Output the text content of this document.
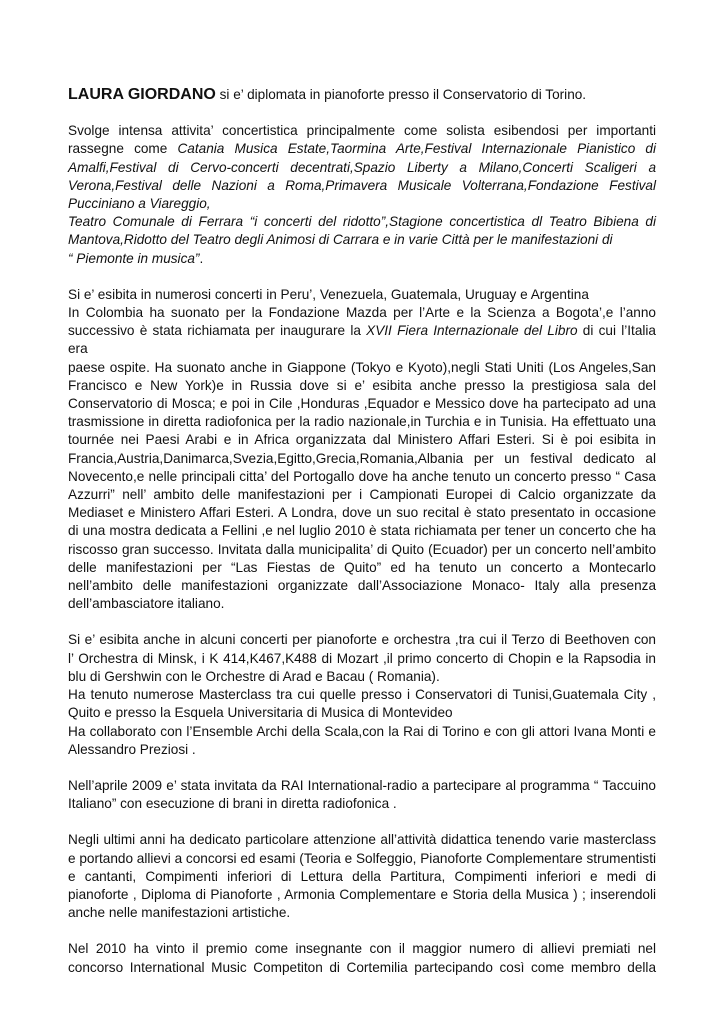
LAURA GIORDANO si e’ diplomata in pianoforte presso il Conservatorio di Torino.

Svolge intensa attivita’ concertistica principalmente come solista esibendosi per importanti
rassegne come Catania Musica Estate,Taormina Arte,Festival Internazionale Pianistico di
Amalfi,Festival di Cervo-concerti decentrati,Spazio Liberty a Milano,Concerti Scaligeri a
Verona,Festival delle Nazioni a Roma,Primavera Musicale Volterrana,Fondazione Festival
Pucciniano a Viareggio,
Teatro Comunale di Ferrara “i concerti del ridotto”,Stagione concertistica dl Teatro Bibiena di
Mantova,Ridotto del Teatro degli Animosi di Carrara e in varie Città per le manifestazioni di
“ Piemonte in musica”.

Si e’ esibita in numerosi concerti in Peru’, Venezuela, Guatemala, Uruguay e Argentina
In Colombia ha suonato per la Fondazione Mazda per l’Arte e la Scienza a Bogota’,e l’anno
successivo è stata richiamata per inaugurare la XVII Fiera Internazionale del Libro di cui l’Italia era
paese ospite. Ha suonato anche in Giappone (Tokyo e Kyoto),negli Stati Uniti (Los Angeles,San
Francisco e New York)e in Russia dove si e’ esibita anche presso la prestigiosa sala del
Conservatorio di Mosca; e poi in Cile ,Honduras ,Equador e Messico dove ha partecipato ad una
trasmissione in diretta radiofonica per la radio nazionale,in Turchia e in Tunisia. Ha effettuato una
tournée nei Paesi Arabi e in Africa organizzata dal Ministero Affari Esteri. Si è poi esibita in
Francia,Austria,Danimarca,Svezia,Egitto,Grecia,Romania,Albania per un festival dedicato al
Novecento,e nelle principali citta’ del Portogallo dove ha anche tenuto un concerto presso “ Casa
Azzurri” nell’ ambito delle manifestazioni per i Campionati Europei di Calcio organizzate da
Mediaset e Ministero Affari Esteri. A Londra, dove un suo recital è stato presentato in occasione
di una mostra dedicata a Fellini ,e nel luglio 2010 è stata richiamata per tener un concerto che ha
riscosso gran successo. Invitata dalla municipalita’ di Quito (Ecuador) per un concerto nell’ambito
delle manifestazioni per “Las Fiestas de Quito” ed ha tenuto un concerto a Montecarlo
nell’ambito delle manifestazioni organizzate dall’Associazione Monaco- Italy alla presenza
dell’ambasciatore italiano.

Si e’ esibita anche in alcuni concerti per pianoforte e orchestra ,tra cui il Terzo di Beethoven con
l’ Orchestra di Minsk, i K 414,K467,K488 di Mozart ,il primo concerto di Chopin e la Rapsodia in
blu di Gershwin con le Orchestre di Arad e Bacau ( Romania).
Ha tenuto numerose Masterclass tra cui quelle presso i Conservatori di Tunisi,Guatemala City ,
Quito e presso la Esquela Universitaria di Musica di Montevideo
Ha collaborato con l’Ensemble Archi della Scala,con la Rai di Torino e con gli attori Ivana Monti e
Alessandro Preziosi .

Nell’aprile 2009 e’ stata invitata da RAI International-radio a partecipare al programma “ Taccuino
Italiano” con esecuzione di brani in diretta radiofonica .

Negli ultimi anni ha dedicato particolare attenzione all’attività didattica tenendo varie masterclass
e portando allievi a concorsi ed esami (Teoria e Solfeggio, Pianoforte Complementare strumentisti
e cantanti, Compimenti inferiori di Lettura della Partitura, Compimenti inferiori e medi di
pianoforte , Diploma di Pianoforte , Armonia Complementare e Storia della Musica ) ; inserendoli
anche nelle manifestazioni artistiche.

Nel 2010 ha vinto il premio come insegnante con il maggior numero di allievi premiati nel
concorso International Music Competiton di Cortemilia partecipando così come membro della
